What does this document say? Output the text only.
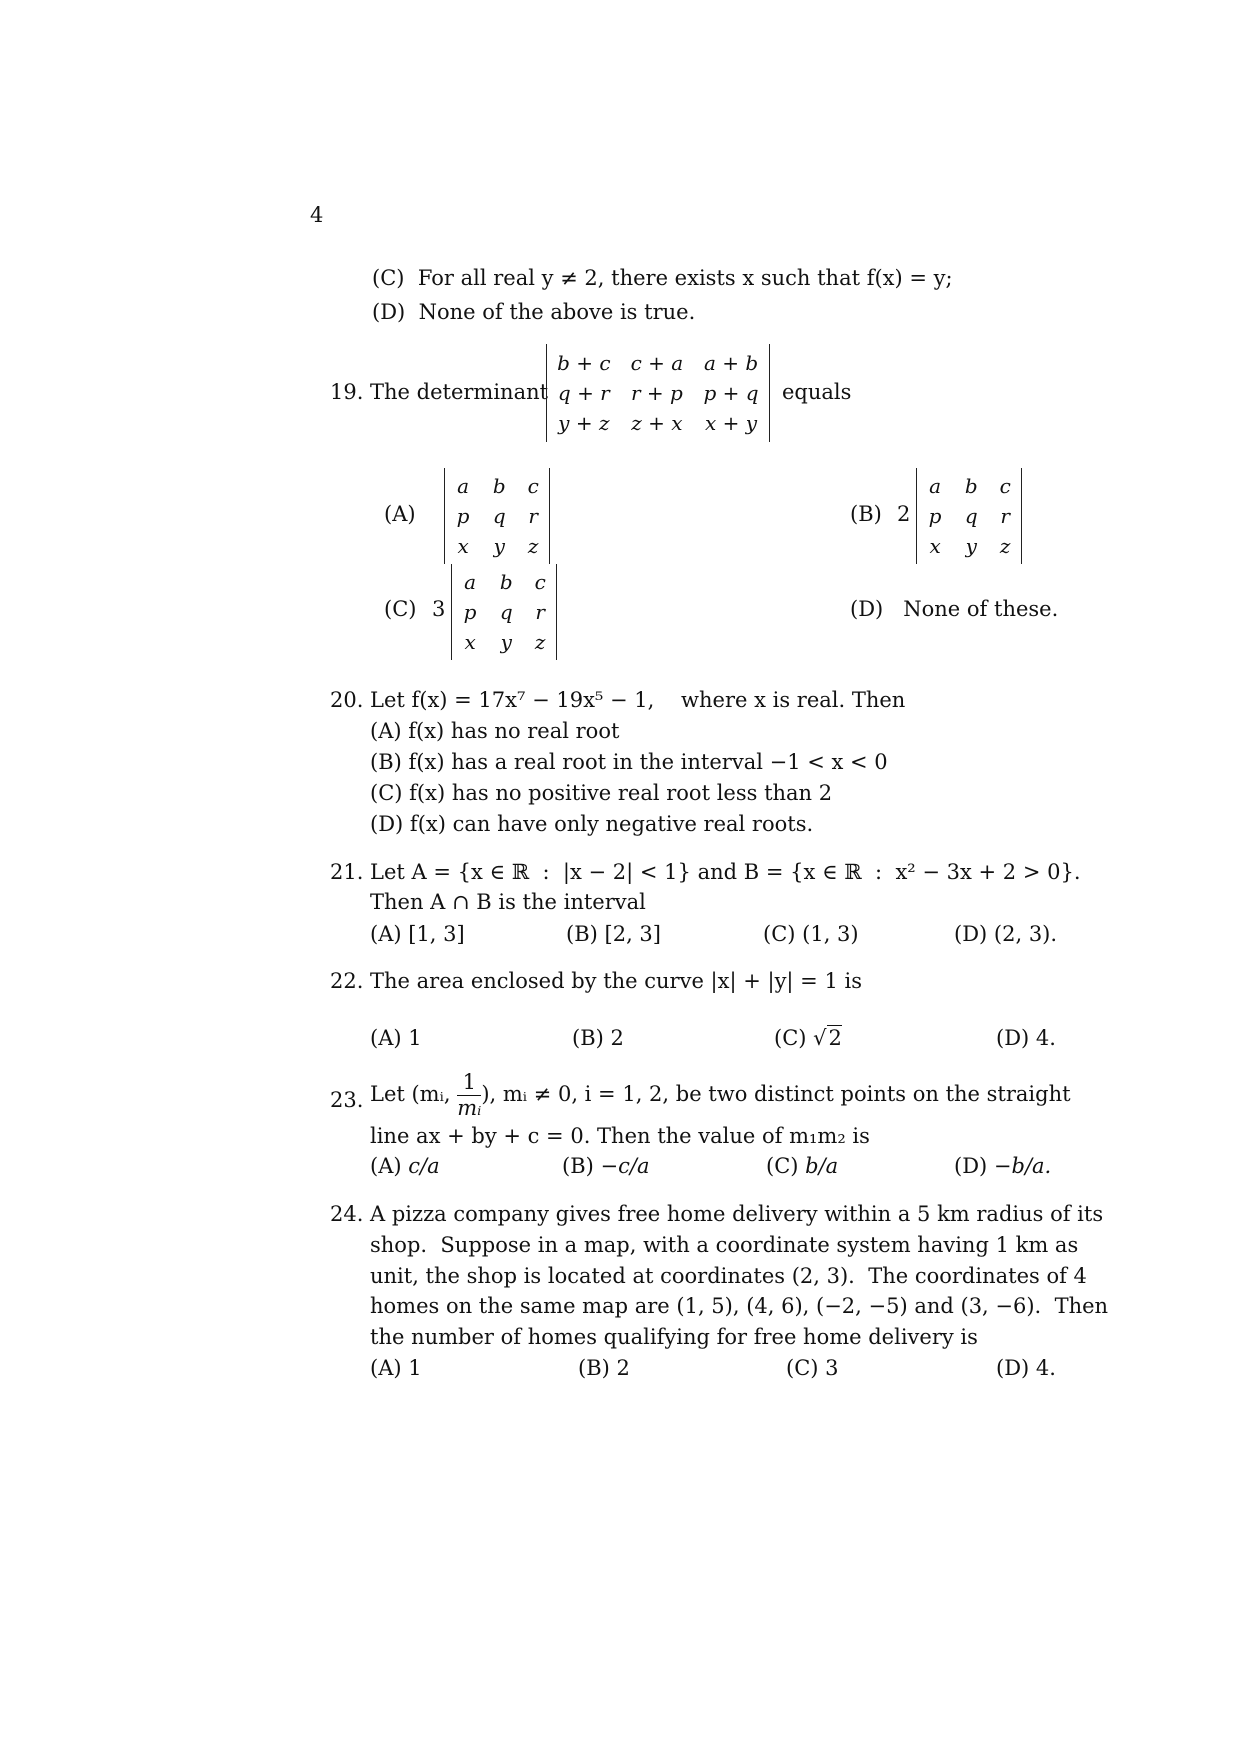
4
(C) For all real y ≠ 2, there exists x such that f(x) = y;
(D) None of the above is true.
19. The determinant
b + c	c + a	a + b
q + r	r + p	p + q
y + z	z + x	x + y
equals
(A)
a	b	c
p	q	r
x	y	z
(B) 2
a	b	c
p	q	r
x	y	z
(C) 3
a	b	c
p	q	r
x	y	z
(D) None of these.
20. Let f(x) = 17x⁷ − 19x⁵ − 1,    where x is real. Then
(A) f(x) has no real root
(B) f(x) has a real root in the interval −1 < x < 0
(C) f(x) has no positive real root less than 2
(D) f(x) can have only negative real roots.
21. Let A = {x ∈ ℝ  :  |x − 2| < 1} and B = {x ∈ ℝ  :  x² − 3x + 2 > 0}.
Then A ∩ B is the interval
(A) [1, 3]	(B) [2, 3]	(C) (1, 3)	(D) (2, 3).
22. The area enclosed by the curve |x| + |y| = 1 is
(A) 1	(B) 2	(C) √2	(D) 4.
23. Let (mᵢ, $\frac{1}{\text{mᵢ}}$ ), mᵢ ≠ 0, i = 1, 2, be two distinct points on the straight
line ax + by + c = 0. Then the value of m₁m₂ is
(A) c/a	(B) −c/a	(C) b/a	(D) −b/a.
24. A pizza company gives free home delivery within a 5 km radius of its
shop.  Suppose in a map, with a coordinate system having 1 km as
unit, the shop is located at coordinates (2, 3).  The coordinates of 4
homes on the same map are (1, 5), (4, 6), (−2, −5) and (3, −6).  Then
the number of homes qualifying for free home delivery is
(A) 1	(B) 2	(C) 3	(D) 4.
